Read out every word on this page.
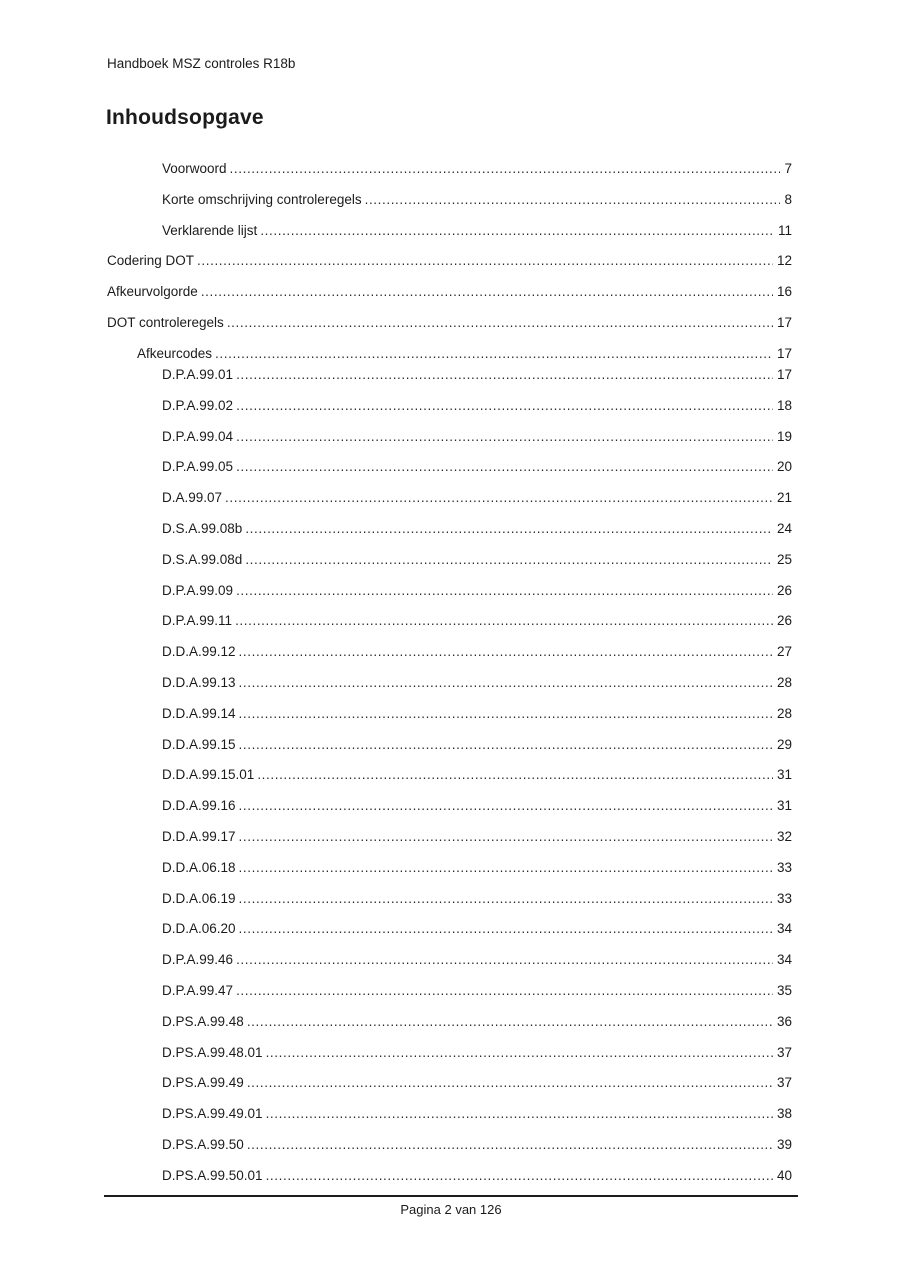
Handboek MSZ controles R18b
Inhoudsopgave
Voorwoord .....	7
Korte omschrijving controleregels .....	8
Verklarende lijst .....	11
Codering DOT .....	12
Afkeurvolgorde .....	16
DOT controleregels .....	17
Afkeurcodes .....	17
D.P.A.99.01 .....	17
D.P.A.99.02 .....	18
D.P.A.99.04 .....	19
D.P.A.99.05 .....	20
D.A.99.07 .....	21
D.S.A.99.08b .....	24
D.S.A.99.08d .....	25
D.P.A.99.09 .....	26
D.P.A.99.11 .....	26
D.D.A.99.12 .....	27
D.D.A.99.13 .....	28
D.D.A.99.14 .....	28
D.D.A.99.15 .....	29
D.D.A.99.15.01 .....	31
D.D.A.99.16 .....	31
D.D.A.99.17 .....	32
D.D.A.06.18 .....	33
D.D.A.06.19 .....	33
D.D.A.06.20 .....	34
D.P.A.99.46 .....	34
D.P.A.99.47 .....	35
D.PS.A.99.48 .....	36
D.PS.A.99.48.01 .....	37
D.PS.A.99.49 .....	37
D.PS.A.99.49.01 .....	38
D.PS.A.99.50 .....	39
D.PS.A.99.50.01 .....	40
Pagina 2 van 126
